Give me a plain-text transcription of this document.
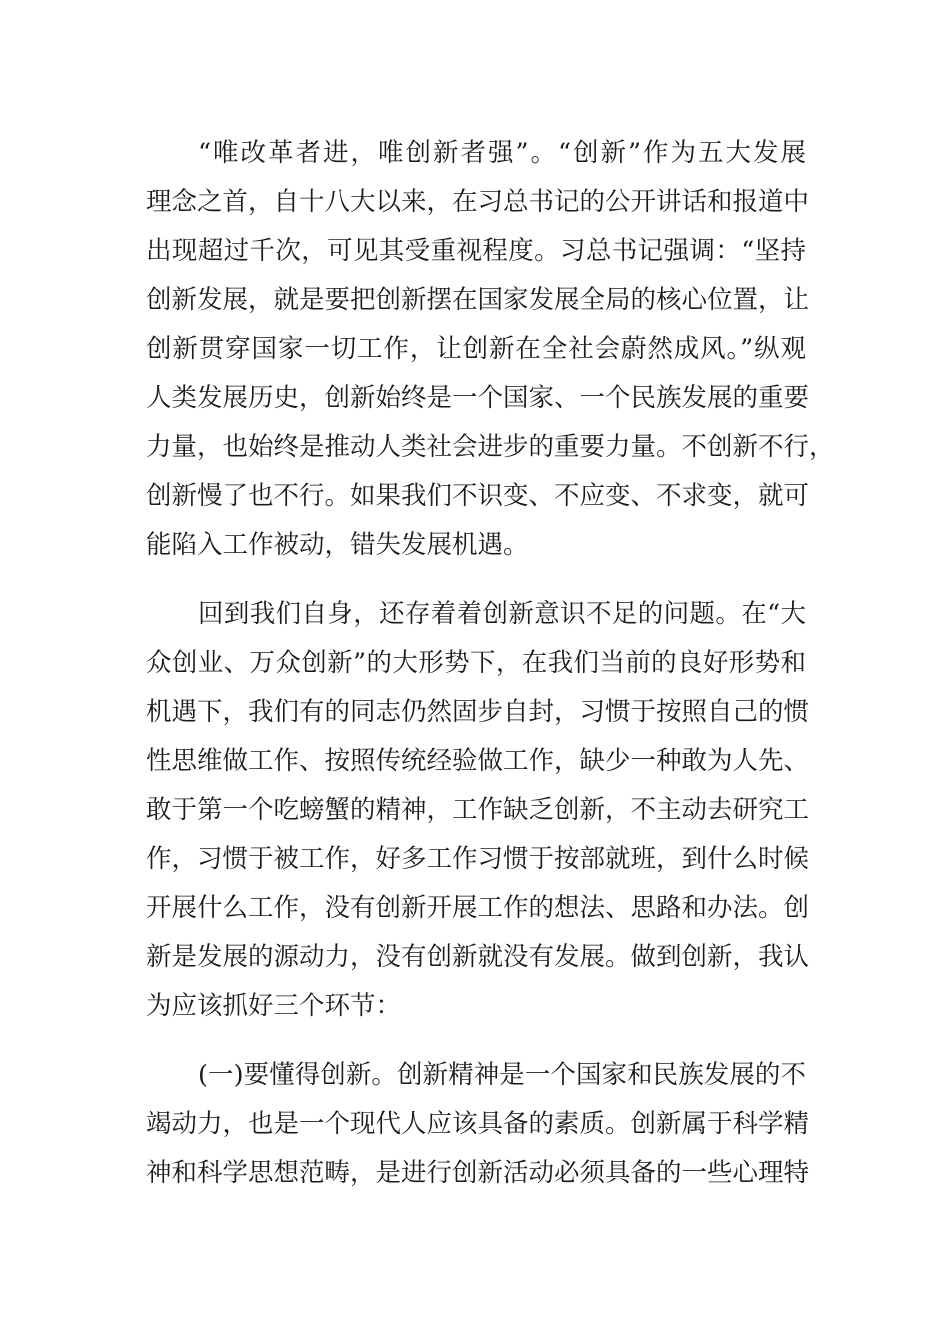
“唯改革者进，唯创新者强”。“创新”作为五大发展
理念之首，自十八大以来，在习总书记的公开讲话和报道中
出现超过千次，可见其受重视程度。习总书记强调：“坚持
创新发展，就是要把创新摆在国家发展全局的核心位置，让
创新贯穿国家一切工作，让创新在全社会蔚然成风。”纵观
人类发展历史，创新始终是一个国家、一个民族发展的重要
力量，也始终是推动人类社会进步的重要力量。不创新不行，
创新慢了也不行。如果我们不识变、不应变、不求变，就可
能陷入工作被动，错失发展机遇。
回到我们自身，还存着着创新意识不足的问题。在“大
众创业、万众创新”的大形势下，在我们当前的良好形势和
机遇下，我们有的同志仍然固步自封，习惯于按照自己的惯
性思维做工作、按照传统经验做工作，缺少一种敢为人先、
敢于第一个吃螃蟹的精神，工作缺乏创新，不主动去研究工
作，习惯于被工作，好多工作习惯于按部就班，到什么时候
开展什么工作，没有创新开展工作的想法、思路和办法。创
新是发展的源动力，没有创新就没有发展。做到创新，我认
为应该抓好三个环节：
(一)要懂得创新。创新精神是一个国家和民族发展的不
竭动力，也是一个现代人应该具备的素质。创新属于科学精
神和科学思想范畴，是进行创新活动必须具备的一些心理特
